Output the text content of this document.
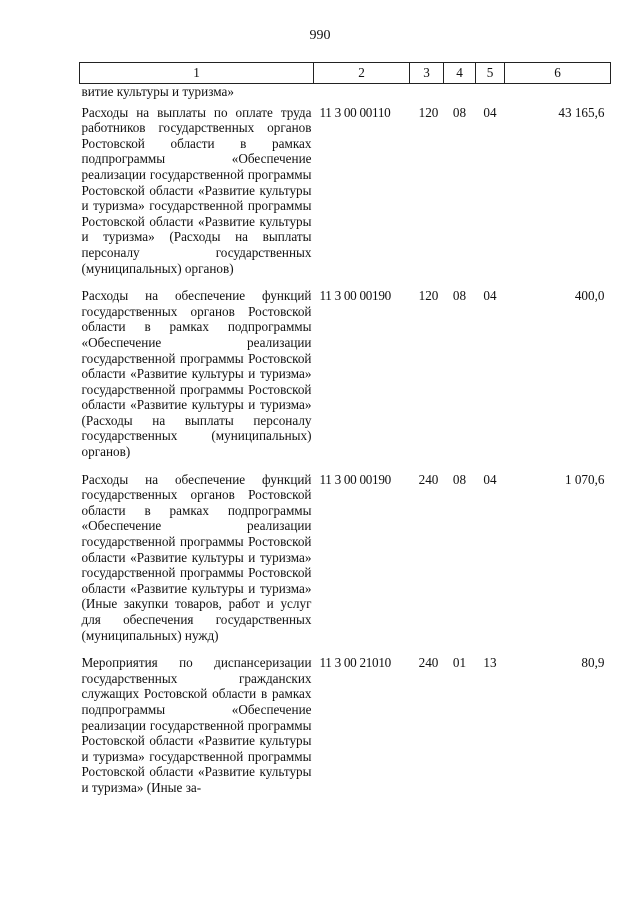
990
1	2	3	4	5	6
витие культуры и туризма»					
Расходы на выплаты по оплате труда работников государственных органов Ростовской области в рамках подпрограммы «Обеспечение реализации государственной программы Ростовской области «Развитие культуры и туризма» государственной программы Ростовской области «Развитие культуры и туризма» (Расходы на выплаты персоналу государственных (муниципальных) органов)	11 3 00 00110	120	08	04	43 165,6
Расходы на обеспечение функций государственных органов Ростовской области в рамках подпрограммы «Обеспечение реализации государственной программы Ростовской области «Развитие культуры и туризма» государственной программы Ростовской области «Развитие культуры и туризма» (Расходы на выплаты персоналу государственных (муниципальных) органов)	11 3 00 00190	120	08	04	400,0
Расходы на обеспечение функций государственных органов Ростовской области в рамках подпрограммы «Обеспечение реализации государственной программы Ростовской области «Развитие культуры и туризма» государственной программы Ростовской области «Развитие культуры и туризма» (Иные закупки товаров, работ и услуг для обеспечения государственных (муниципальных) нужд)	11 3 00 00190	240	08	04	1 070,6
Мероприятия по диспансеризации государственных гражданских служащих Ростовской области в рамках подпрограммы «Обеспечение реализации государственной программы Ростовской области «Развитие культуры и туризма» государственной программы Ростовской области «Развитие культуры и туризма» (Иные за-	11 3 00 21010	240	01	13	80,9
